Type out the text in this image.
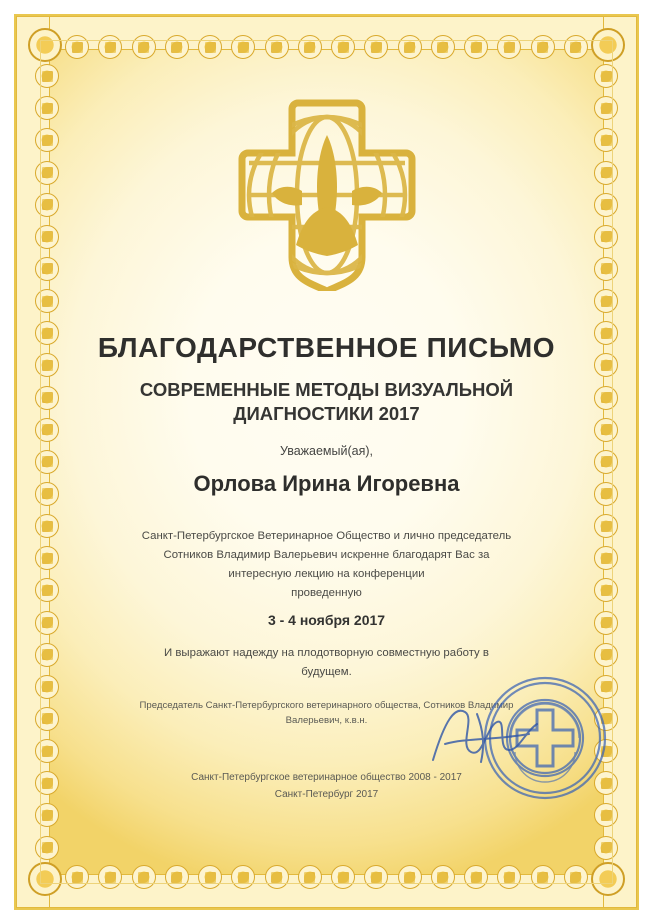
БЛАГОДАРСТВЕННОЕ ПИСЬМО
СОВРЕМЕННЫЕ МЕТОДЫ ВИЗУАЛЬНОЙ
ДИАГНОСТИКИ 2017
Уважаемый(ая),
Орлова Ирина Игоревна
Санкт-Петербургское Ветеринарное Общество и лично председатель
Сотников Владимир Валерьевич искренне благодарят Вас за
интересную лекцию на конференции
проведенную
3 - 4 ноября 2017
И выражают надежду на плодотворную совместную работу в
будущем.
Председатель Санкт-Петербургского ветеринарного общества, Сотников Владимир
Валерьевич, к.в.н.
Санкт-Петербургское ветеринарное общество 2008 - 2017
Санкт-Петербург 2017
